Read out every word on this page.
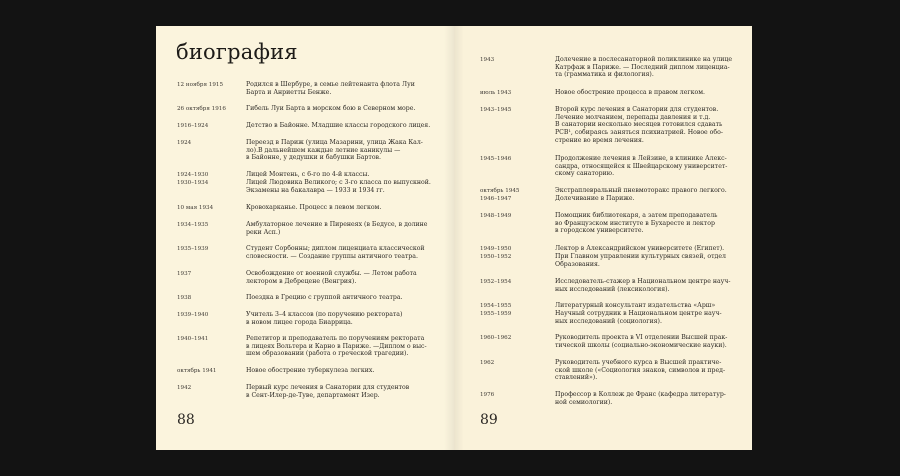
биография
12 ноября 1915	Родился в Шербуре, в семье лейтенанта флота Луи
Барта и Анриетты Бенже.
26 октября 1916	Гибель Луи Барта в морском бою в Северном море.
1916–1924	Детство в Байонне. Младшие классы городского лицея.
1924	Переезд в Париж (улица Мазарини, улица Жака Кал-
ло).В дальнейшем каждые летние каникулы —
в Байонне, у дедушки и бабушки Бартов.
1924–1930	Лицей Монтень, с 6-го по 4-й классы.
1930–1934	Лицей Людовика Великого; с 3-го класса по выпускной.
Экзамены на бакалавра — 1933 и 1934 гг.
10 мая 1934	Кровохарканье. Процесс в левом легком.
1934–1935	Амбулаторное лечение в Пиренеях (в Бедусе, в долине
реки Асп.)
1935–1939	Студент Сорбонны; диплом лиценциата классической
словесности. — Создание группы античного театра.
1937	Освобождение от военной службы. — Летом работа
лектором в Дебрецене (Венгрия).
1938	Поездка в Грецию с группой античного театра.
1939–1940	Учитель 3–4 классов (по поручению ректората)
в новом лицее города Биаррица.
1940–1941	Репетитор и преподаватель по поручениям ректората
в лицеях Вольтера и Карно в Париже. —Диплом о выс-
шем образовании (работа о греческой трагедии).
октябрь 1941	Новое обострение туберкулеза легких.
1942	Первый курс лечения в Санатории для студентов
в Сент-Илер-де-Туве, департамент Изер.
88
1943	Долечение в послесанаторной поликлинике на улице
Катрфаж в Париже. — Последний диплом лиценциа-
та (грамматика и филология).
июль 1943	Новое обострение процесса в правом легком.
1943–1945	Второй курс лечения в Санатории для студентов.
Лечение молчанием, перепады давления и т.д.
В санатории несколько месяцев готовился сдавать
PCB¹, собираясь заняться психиатрией. Новое обо-
стрение во время лечения.
1945–1946	Продолжение лечения в Лейзине, в клинике Алекс-
сандра, относящейся к Швейцарскому университет-
скому санаторию.
октябрь 1945	Экстраплевральный пневмоторакс правого легкого.
1946–1947	Долечивание в Париже.
1948–1949	Помощник библиотекаря, а затем преподаватель
во Французском институте в Бухаресте и лектор
в городском университете.
1949–1950	Лектор в Александрийском университете (Египет).
1950–1952	При Главном управлении культурных связей, отдел
Образования.
1952–1954	Исследователь-стажер в Национальном центре науч-
ных исследований (лексикология).
1954–1955	Литературный консультант издательства «Арш»
1955–1959	Научный сотрудник в Национальном центре науч-
ных исследований (социология).
1960–1962	Руководитель проекта в VI отделении Высшей прак-
тической школы (социально-экономические науки).
1962	Руководитель учебного курса в Высшей практиче-
ской школе («Социология знаков, символов и пред-
ставлений»).
1976	Профессор в Коллеж де Франс (кафедра литератур-
ной семиологии).
89
